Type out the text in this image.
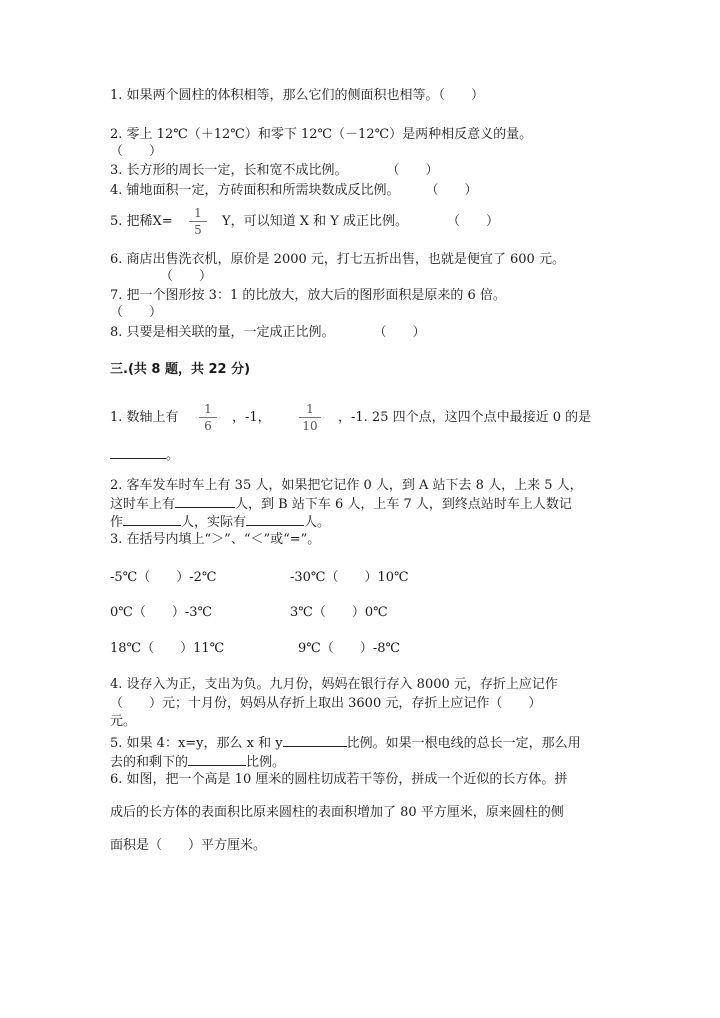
1. 如果两个圆柱的体积相等，那么它们的侧面积也相等。（　　）
2. 零上 12℃（＋12℃）和零下 12℃（－12℃）是两种相反意义的量。
（　　）
3. 长方形的周长一定，长和宽不成比例。　　　　（　　）
4. 铺地面积一定，方砖面积和所需块数成反比例。　　　（　　）
5. 把稀X=
1
5
Y，可以知道 X 和 Y 成正比例。　　　　（　　）
6. 商店出售洗衣机，原价是 2000 元，打七五折出售，也就是便宜了 600 元。
（　　）
7. 把一个图形按 3：1 的比放大，放大后的图形面积是原来的 6 倍。
（　　）
8. 只要是相关联的量，一定成正比例。　　　　（　　）
三.(共 8 题，共 22 分)
1. 数轴上有
1
6
，-1，
1
10
，-1. 25 四个点，这四个点中最接近 0 的是
。
2. 客车发车时车上有 35 人，如果把它记作 0 人，到 A 站下去 8 人，上来 5 人，
这时车上有	人，到 B 站下车 6 人，上车 7 人，到终点站时车上人数记
作	人，实际有	人。
3. 在括号内填上“＞”、“＜”或“=”。
-5℃（　　）-2℃	-30℃（　　）10℃
0℃（　　）-3℃	3℃（　　）0℃
18℃（　　）11℃	9℃（　　）-8℃
4. 设存入为正，支出为负。九月份，妈妈在银行存入 8000 元，存折上应记作
（　　）元；十月份，妈妈从存折上取出 3600 元，存折上应记作（　　）
元。
5. 如果 4：x=y，那么 x 和 y	比例。如果一根电线的总长一定，那么用
去的和剩下的	比例。
6. 如图，把一个高是 10 厘米的圆柱切成若干等份，拼成一个近似的长方体。拼
成后的长方体的表面积比原来圆柱的表面积增加了 80 平方厘米，原来圆柱的侧
面积是（　　）平方厘米。
